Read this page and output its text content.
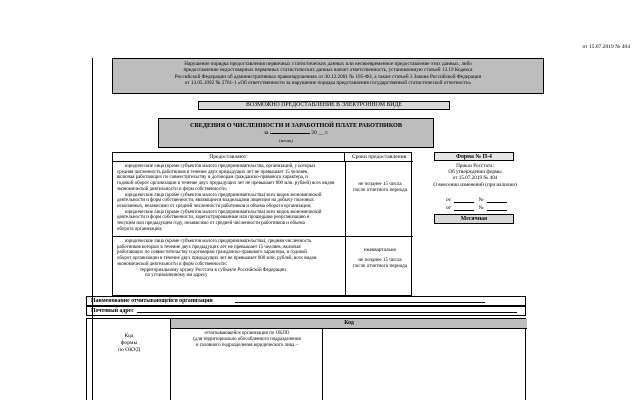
от 15.07.2019 № 404
Нарушение порядка предоставления первичных статистических данных или несвоевременное предоставление этих данных, либо
предоставление недостоверных первичных статистических данных влечет ответственность, установленную статьей 13.19 Кодекса
Российской Федерации об административных правонарушениях от 30.12.2001 № 195-ФЗ, а также статьей 3 Закона Российской Федерации
от 13.05.1992 № 2761-1 «Об ответственности за нарушение порядка представления государственной статистической отчетности»
ВОЗМОЖНО ПРЕДОСТАВЛЕНИЕ В ЭЛЕКТРОННОМ ВИДЕ
СВЕДЕНИЯ О ЧИСЛЕННОСТИ И ЗАРАБОТНОЙ ПЛАТЕ РАБОТНИКОВ
за	20 __ г.
(месяц)
Предоставляют:	Сроки предоставления
юридические лица (кроме субъектов малого предпринимательства, организаций, у которых
средняя численность работников в течение двух предыдущих лет не превышает 15 человек,
включая работающих по совместительству и договорам гражданско-правового характера, и
годовой оборот организации в течение двух предыдущих лет не превышает 800 млн. рублей) всех видов
экономической деятельности и форм собственности;
юридические лица (кроме субъектов малого предпринимательства) всех видов экономической
деятельности и форм собственности, являющиеся владельцами лицензии на добычу полезных
ископаемых, независимо от средней численности работников и объема оборота организации;
юридические лица (кроме субъектов малого предпринимательства) всех видов экономической
деятельности и форм собственности, зарегистрированные или прошедшие реорганизацию в
текущем или предыдущем году, независимо от средней численности работников и объема
оборота организации;
не позднее 15 числа
после отчетного периода
юридические лица (кроме субъектов малого предпринимательства), средняя численность
работников которых в течение двух предыдущих лет не превышает 15 человек, включая
работающих по совместительству и договорам гражданско-правового характера, и годовой
оборот организации в течение двух предыдущих лет не превышает 800 млн. рублей, всех видов
экономической деятельности и форм собственности:
- территориальному органу Росстата в субъекте Российской Федерации
по установленному им адресу
ежеквартально
не позднее 15 числа
после отчетного периода
Форма № П-4
Приказ Росстата:
Об утверждении формы
от 15.07.2019 № 404
О внесении изменений (при наличии)
от	№
от	№
Месячная
Наименование отчитывающейся организации
Почтовый адрес
Код
формы
по ОКУД
Код
отчитывающейся организации по ОКПО
(для территориально обособленного подразделения
и головного подразделения юридического лица –
